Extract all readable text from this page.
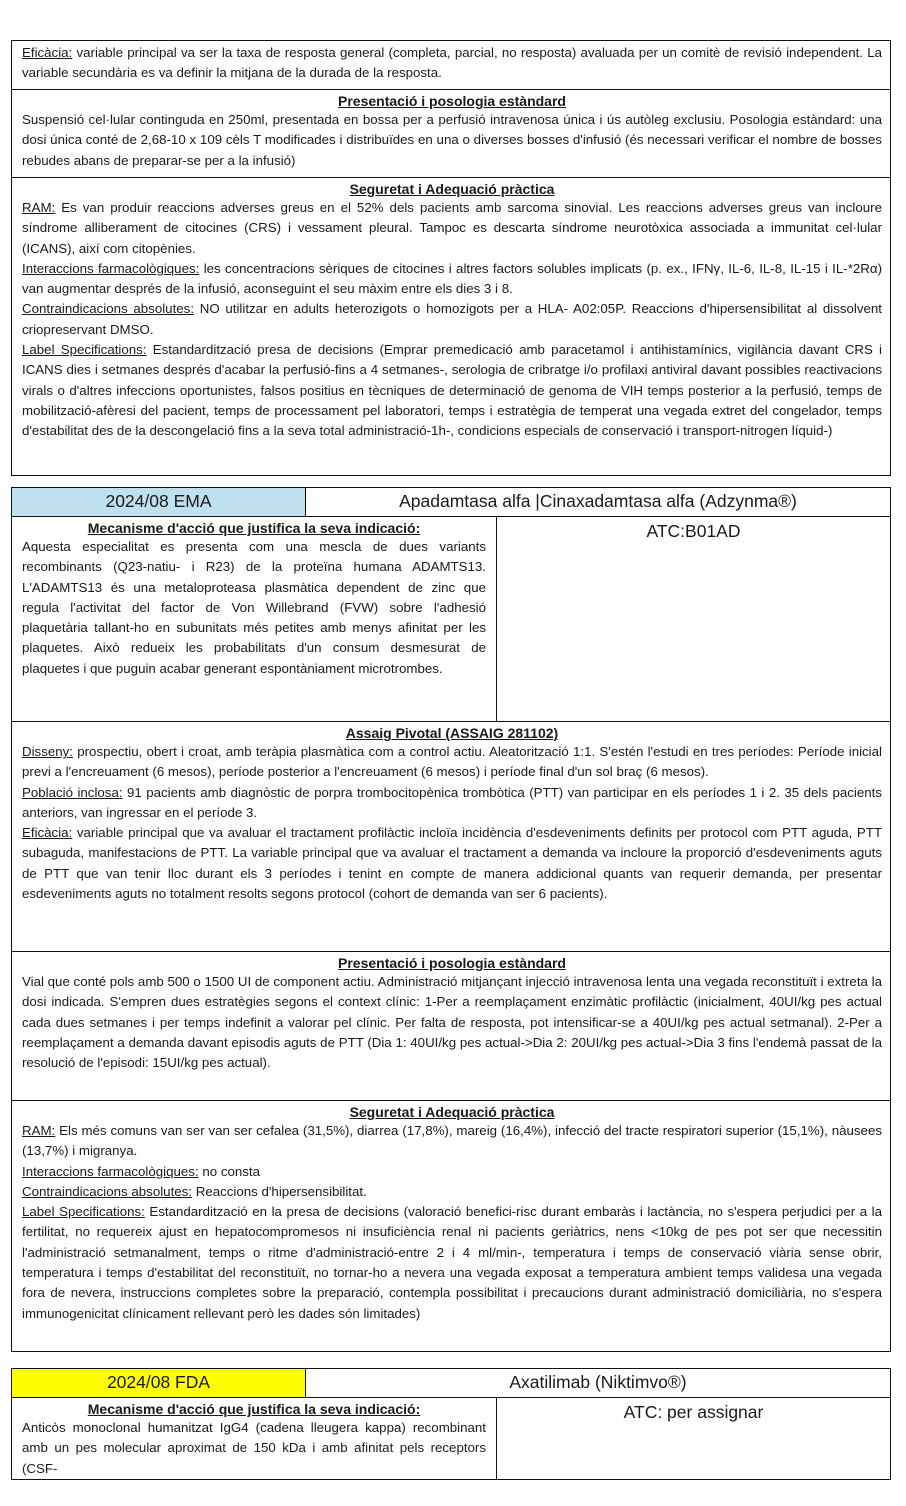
Eficàcia: variable principal va ser la taxa de resposta general (completa, parcial, no resposta) avaluada per un comitè de revisió independent. La variable secundària es va definir la mitjana de la durada de la resposta.

Presentació i posologia estàndard

Suspensió cel·lular continguda en 250ml, presentada en bossa per a perfusió intravenosa única i ús autòleg exclusiu. Posologia estàndard: una dosi única conté de 2,68-10 x 109 cèls T modificades i distribuïdes en una o diverses bosses d'infusió (és necessari verificar el nombre de bosses rebudes abans de preparar-se per a la infusió)

Seguretat i Adequació pràctica

RAM: Es van produir reaccions adverses greus en el 52% dels pacients amb sarcoma sinovial. Les reaccions adverses greus van incloure síndrome alliberament de citocines (CRS) i vessament pleural. Tampoc es descarta síndrome neurotòxica associada a immunitat cel·lular (ICANS), així com citopènies.

Interaccions farmacològiques: les concentracions sèriques de citocines i altres factors solubles implicats (p. ex., IFNγ, IL-6, IL-8, IL-15 i IL-*2Rα) van augmentar després de la infusió, aconseguint el seu màxim entre els dies 3 i 8.

Contraindicacions absolutes: NO utilitzar en adults heterozigots o homozigots per a HLA- A02:05P. Reaccions d'hipersensibilitat al dissolvent criopreservant DMSO.

Label Specifications: Estandardització presa de decisions (Emprar premedicació amb paracetamol i antihistamínics, vigilància davant CRS i ICANS dies i setmanes després d'acabar la perfusió-fins a 4 setmanes-, serologia de cribratge i/o profilaxi antiviral davant possibles reactivacions virals o d'altres infeccions oportunistes, falsos positius en tècniques de determinació de genoma de VIH temps posterior a la perfusió, temps de mobilització-afèresi del pacient, temps de processament pel laboratori, temps i estratègia de temperat una vegada extret del congelador, temps d'estabilitat des de la descongelació fins a la seva total administració-1h-, condicions especials de conservació i transport-nitrogen líquid-)

2024/08 EMA	Apadamtasa alfa |Cinaxadamtasa alfa (Adzynma®)
Mecanisme d'acció que justifica la seva indicació:

Aquesta especialitat es presenta com una mescla de dues variants recombinants (Q23-natiu- i R23) de la proteïna humana ADAMTS13. L'ADAMTS13 és una metaloproteasa plasmàtica dependent de zinc que regula l'activitat del factor de Von Willebrand (FVW) sobre l'adhesió plaquetària tallant-ho en subunitats més petites amb menys afinitat per les plaquetes. Això redueix les probabilitats d'un consum desmesurat de plaquetes i que puguin acabar generant espontàniament microtrombes.

ATC:B01AD
Assaig Pivotal (ASSAIG 281102)

Disseny: prospectiu, obert i croat, amb teràpia plasmàtica com a control actiu. Aleatorització 1:1. S'estén l'estudi en tres períodes: Període inicial previ a l'encreuament (6 mesos), període posterior a l'encreuament (6 mesos) i període final d'un sol braç (6 mesos).

Població inclosa: 91 pacients amb diagnòstic de porpra trombocitopènica trombòtica (PTT) van participar en els períodes 1 i 2. 35 dels pacients anteriors, van ingressar en el període 3.

Eficàcia: variable principal que va avaluar el tractament profilàctic incloïa incidència d'esdeveniments definits per protocol com PTT aguda, PTT subaguda, manifestacions de PTT. La variable principal que va avaluar el tractament a demanda va incloure la proporció d'esdeveniments aguts de PTT que van tenir lloc durant els 3 períodes i tenint en compte de manera addicional quants van requerir demanda, per presentar esdeveniments aguts no totalment resolts segons protocol (cohort de demanda van ser 6 pacients).

Presentació i posologia estàndard

Vial que conté pols amb 500 o 1500 UI de component actiu. Administració mitjançant injecció intravenosa lenta una vegada reconstituït i extreta la dosi indicada. S'empren dues estratègies segons el context clínic: 1-Per a reemplaçament enzimàtic profilàctic (inicialment, 40UI/kg pes actual cada dues setmanes i per temps indefinit a valorar pel clínic. Per falta de resposta, pot intensificar-se a 40UI/kg pes actual setmanal). 2-Per a reemplaçament a demanda davant episodis aguts de PTT (Dia 1: 40UI/kg pes actual->Dia 2: 20UI/kg pes actual->Dia 3 fins l'endemà passat de la resolució de l'episodi: 15UI/kg pes actual).

Seguretat i Adequació pràctica

RAM: Els més comuns van ser van ser cefalea (31,5%), diarrea (17,8%), mareig (16,4%), infecció del tracte respiratori superior (15,1%), nàusees (13,7%) i migranya.

Interaccions farmacològiques: no consta

Contraindicacions absolutes: Reaccions d'hipersensibilitat.

Label Specifications: Estandardització en la presa de decisions (valoració benefici-risc durant embaràs i lactància, no s'espera perjudici per a la fertilitat, no requereix ajust en hepatocompromesos ni insuficiència renal ni pacients geriàtrics, nens <10kg de pes pot ser que necessitin l'administració setmanalment, temps o ritme d'administració-entre 2 i 4 ml/min-, temperatura i temps de conservació viària sense obrir, temperatura i temps d'estabilitat del reconstituït, no tornar-ho a nevera una vegada exposat a temperatura ambient temps validesa una vegada fora de nevera, instruccions completes sobre la preparació, contempla possibilitat i precaucions durant administració domiciliària, no s'espera immunogenicitat clínicament rellevant però les dades són limitades)

2024/08 FDA	Axatilimab (Niktimvo®)
Mecanisme d'acció que justifica la seva indicació:

Anticòs monoclonal humanitzat IgG4 (cadena lleugera kappa) recombinant amb un pes molecular aproximat de 150 kDa i amb afinitat pels receptors (CSF-

ATC: per assignar
